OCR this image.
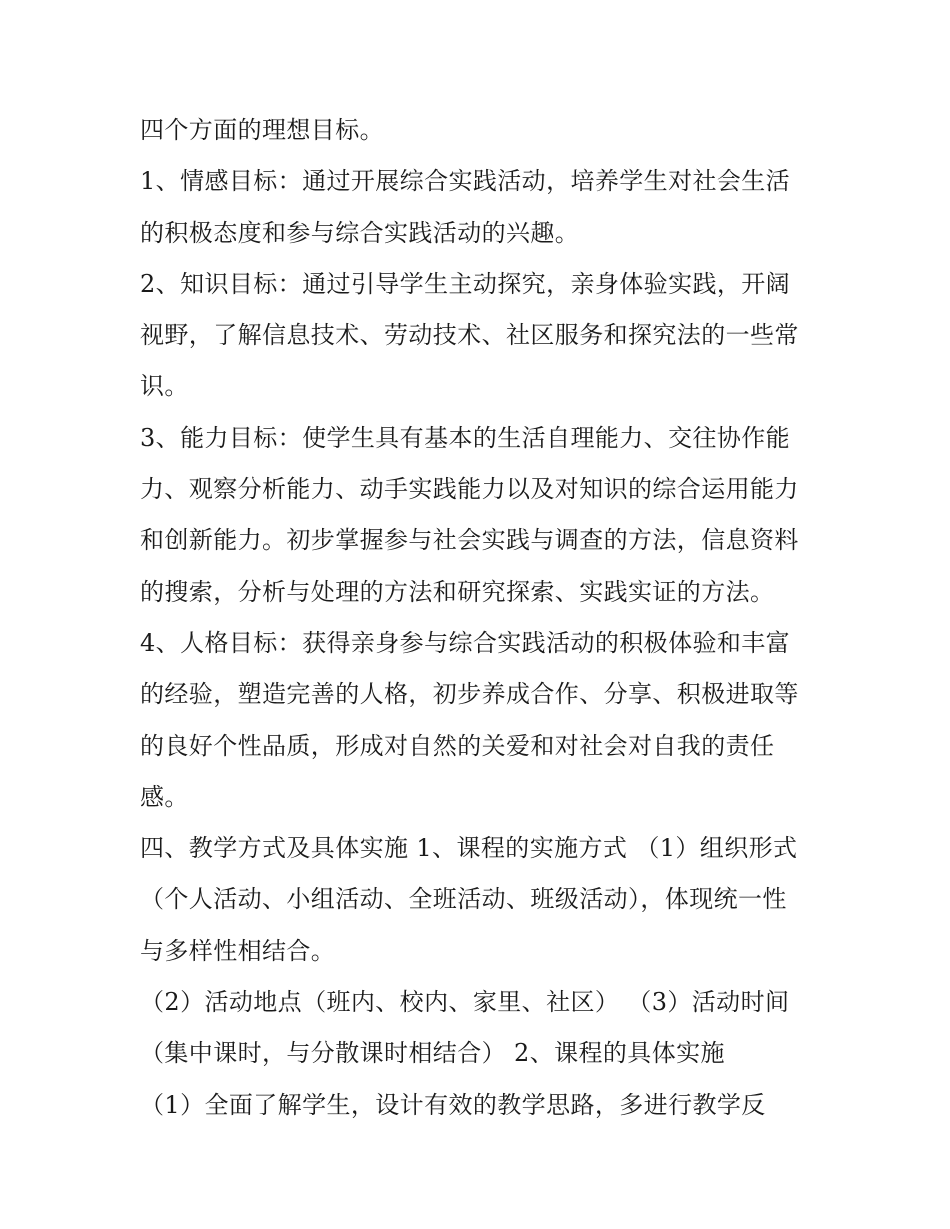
四个方面的理想目标。
1、情感目标：通过开展综合实践活动，培养学生对社会生活
的积极态度和参与综合实践活动的兴趣。
2、知识目标：通过引导学生主动探究，亲身体验实践，开阔
视野，了解信息技术、劳动技术、社区服务和探究法的一些常
识。
3、能力目标：使学生具有基本的生活自理能力、交往协作能
力、观察分析能力、动手实践能力以及对知识的综合运用能力
和创新能力。初步掌握参与社会实践与调查的方法，信息资料
的搜索，分析与处理的方法和研究探索、实践实证的方法。
4、人格目标：获得亲身参与综合实践活动的积极体验和丰富
的经验，塑造完善的人格，初步养成合作、分享、积极进取等
的良好个性品质，形成对自然的关爱和对社会对自我的责任
感。
四、教学方式及具体实施 1、课程的实施方式 （1）组织形式
（个人活动、小组活动、全班活动、班级活动），体现统一性
与多样性相结合。
（2）活动地点（班内、校内、家里、社区） （3）活动时间
（集中课时，与分散课时相结合） 2、课程的具体实施
（1）全面了解学生，设计有效的教学思路，多进行教学反
